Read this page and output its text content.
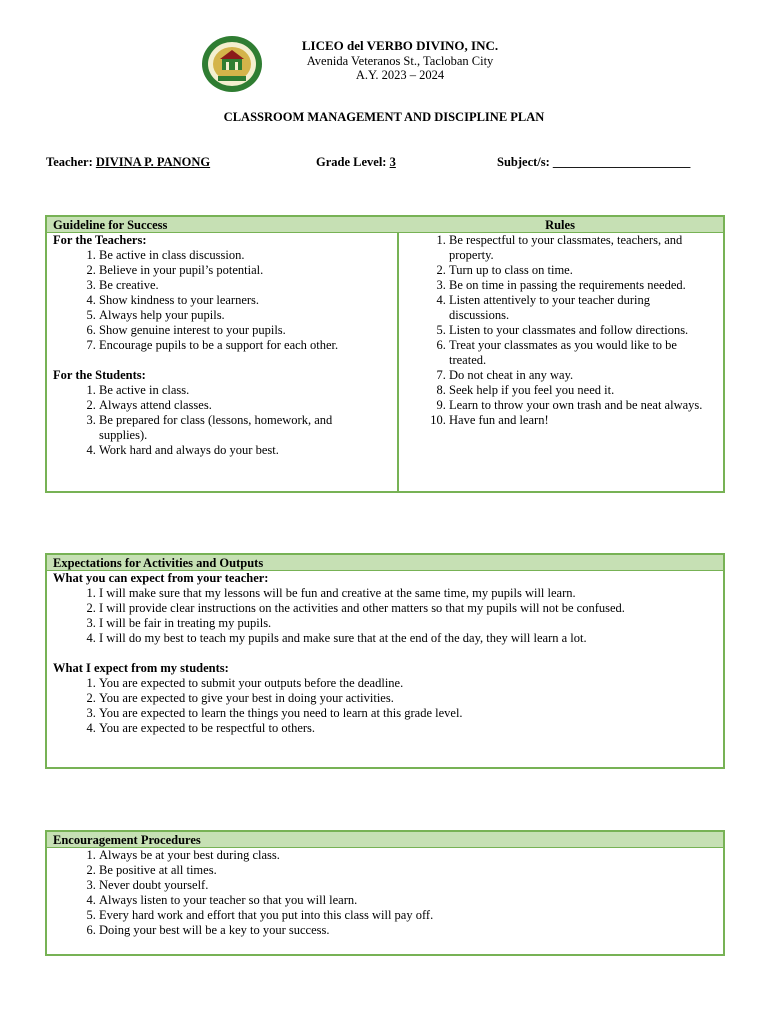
LICEO del VERBO DIVINO, INC.
Avenida Veteranos St., Tacloban City
A.Y. 2023 – 2024
CLASSROOM MANAGEMENT AND DISCIPLINE PLAN
Teacher: DIVINA P. PANONG	Grade Level: 3	Subject/s: ______________________
Guideline for Success
For the Teachers:
1. Be active in class discussion.
2. Believe in your pupil’s potential.
3. Be creative.
4. Show kindness to your learners.
5. Always help your pupils.
6. Show genuine interest to your pupils.
7. Encourage pupils to be a support for each other.
For the Students:
1. Be active in class.
2. Always attend classes.
3. Be prepared for class (lessons, homework, and supplies).
4. Work hard and always do your best.
Rules
1. Be respectful to your classmates, teachers, and property.
2. Turn up to class on time.
3. Be on time in passing the requirements needed.
4. Listen attentively to your teacher during discussions.
5. Listen to your classmates and follow directions.
6. Treat your classmates as you would like to be treated.
7. Do not cheat in any way.
8. Seek help if you feel you need it.
9. Learn to throw your own trash and be neat always.
10. Have fun and learn!
Expectations for Activities and Outputs
What you can expect from your teacher:
1. I will make sure that my lessons will be fun and creative at the same time, my pupils will learn.
2. I will provide clear instructions on the activities and other matters so that my pupils will not be confused.
3. I will be fair in treating my pupils.
4. I will do my best to teach my pupils and make sure that at the end of the day, they will learn a lot.
What I expect from my students:
1. You are expected to submit your outputs before the deadline.
2. You are expected to give your best in doing your activities.
3. You are expected to learn the things you need to learn at this grade level.
4. You are expected to be respectful to others.
Encouragement Procedures
1. Always be at your best during class.
2. Be positive at all times.
3. Never doubt yourself.
4. Always listen to your teacher so that you will learn.
5. Every hard work and effort that you put into this class will pay off.
6. Doing your best will be a key to your success.
